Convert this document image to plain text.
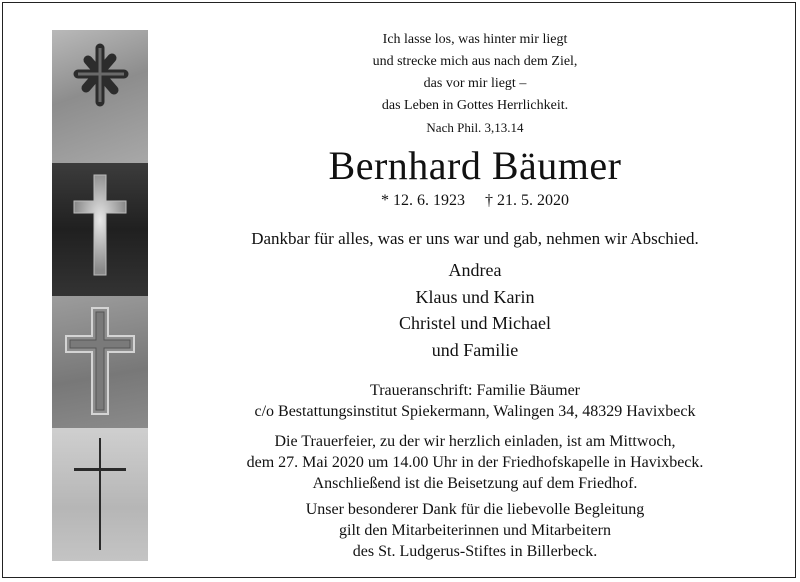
Ich lasse los, was hinter mir liegt
und strecke mich aus nach dem Ziel,
das vor mir liegt –
das Leben in Gottes Herrlichkeit.
Nach Phil. 3,13.14
Bernhard Bäumer
* 12. 6. 1923 † 21. 5. 2020
Dankbar für alles, was er uns war und gab, nehmen wir Abschied.
Andrea
Klaus und Karin
Christel und Michael
und Familie
Traueranschrift: Familie Bäumer
c/o Bestattungsinstitut Spiekermann, Walingen 34, 48329 Havixbeck
Die Trauerfeier, zu der wir herzlich einladen, ist am Mittwoch,
dem 27. Mai 2020 um 14.00 Uhr in der Friedhofskapelle in Havixbeck.
Anschließend ist die Beisetzung auf dem Friedhof.
Unser besonderer Dank für die liebevolle Begleitung
gilt den Mitarbeiterinnen und Mitarbeitern
des St. Ludgerus-Stiftes in Billerbeck.
